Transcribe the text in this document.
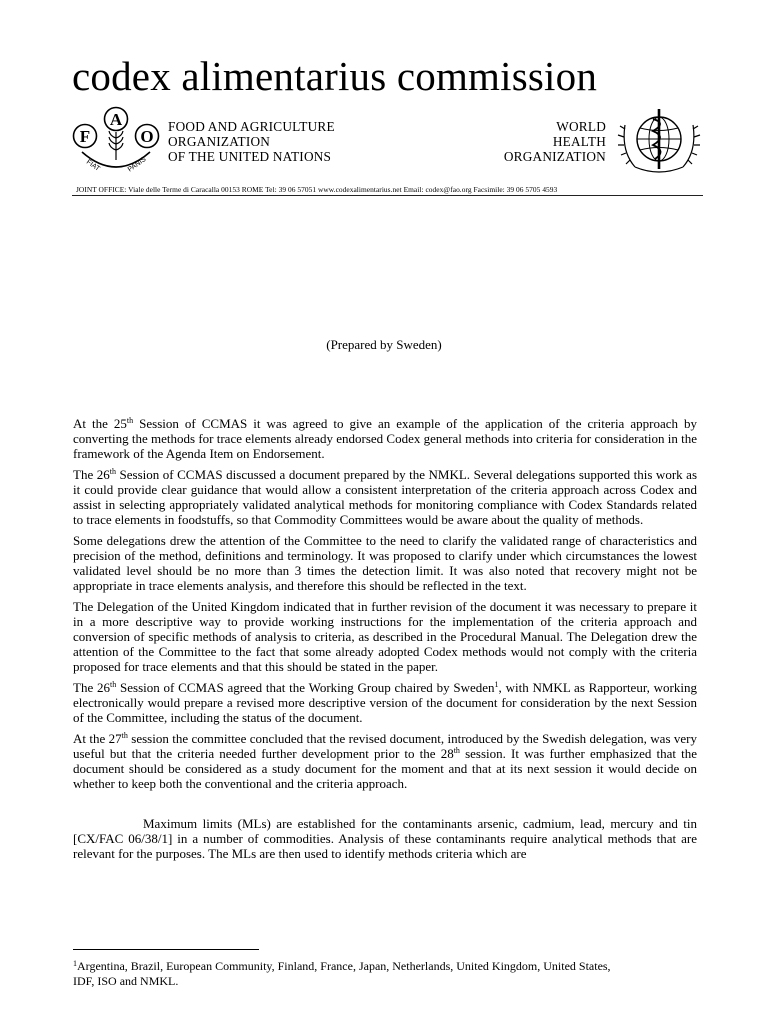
codex alimentarius commission
F
A
O
FIAT	PANIS
FOOD AND AGRICULTURE
ORGANIZATION
OF THE UNITED NATIONS
WORLD
HEALTH
ORGANIZATION
JOINT OFFICE: Viale delle Terme di Caracalla 00153 ROME Tel: 39 06 57051 www.codexalimentarius.net Email: codex@fao.org Facsimile: 39 06 5705 4593
(Prepared by Sweden)

At the 25th Session of CCMAS it was agreed to give an example of the application of the criteria approach by converting the methods for trace elements already endorsed Codex general methods into criteria for consideration in the framework of the Agenda Item on Endorsement.

The 26th Session of CCMAS discussed a document prepared by the NMKL. Several delegations supported this work as it could provide clear guidance that would allow a consistent interpretation of the criteria approach across Codex and assist in selecting appropriately validated analytical methods for monitoring compliance with Codex Standards related to trace elements in foodstuffs, so that Commodity Committees would be aware about the quality of methods.

Some delegations drew the attention of the Committee to the need to clarify the validated range of characteristics and precision of the method, definitions and terminology. It was proposed to clarify under which circumstances the lowest validated level should be no more than 3 times the detection limit. It was also noted that recovery might not be appropriate in trace elements analysis, and therefore this should be reflected in the text.

The Delegation of the United Kingdom indicated that in further revision of the document it was necessary to prepare it in a more descriptive way to provide working instructions for the implementation of the criteria approach and conversion of specific methods of analysis to criteria, as described in the Procedural Manual. The Delegation drew the attention of the Committee to the fact that some already adopted Codex methods would not comply with the criteria proposed for trace elements and that this should be stated in the paper.

The 26th Session of CCMAS agreed that the Working Group chaired by Sweden$^1$, with NMKL as Rapporteur, working electronically would prepare a revised more descriptive version of the document for consideration by the next Session of the Committee, including the status of the document.

At the 27th session the committee concluded that the revised document, introduced by the Swedish delegation, was very useful but that the criteria needed further development prior to the 28th session. It was further emphasized that the document should be considered as a study document for the moment and that at its next session it would decide on whether to keep both the conventional and the criteria approach.

Maximum limits (MLs) are established for the contaminants arsenic, cadmium, lead, mercury and tin [CX/FAC 06/38/1] in a number of commodities. Analysis of these contaminants require analytical methods that are relevant for the purposes. The MLs are then used to identify methods criteria which are

$^1$Argentina, Brazil, European Community, Finland, France, Japan, Netherlands, United Kingdom, United States,
IDF, ISO and NMKL.
